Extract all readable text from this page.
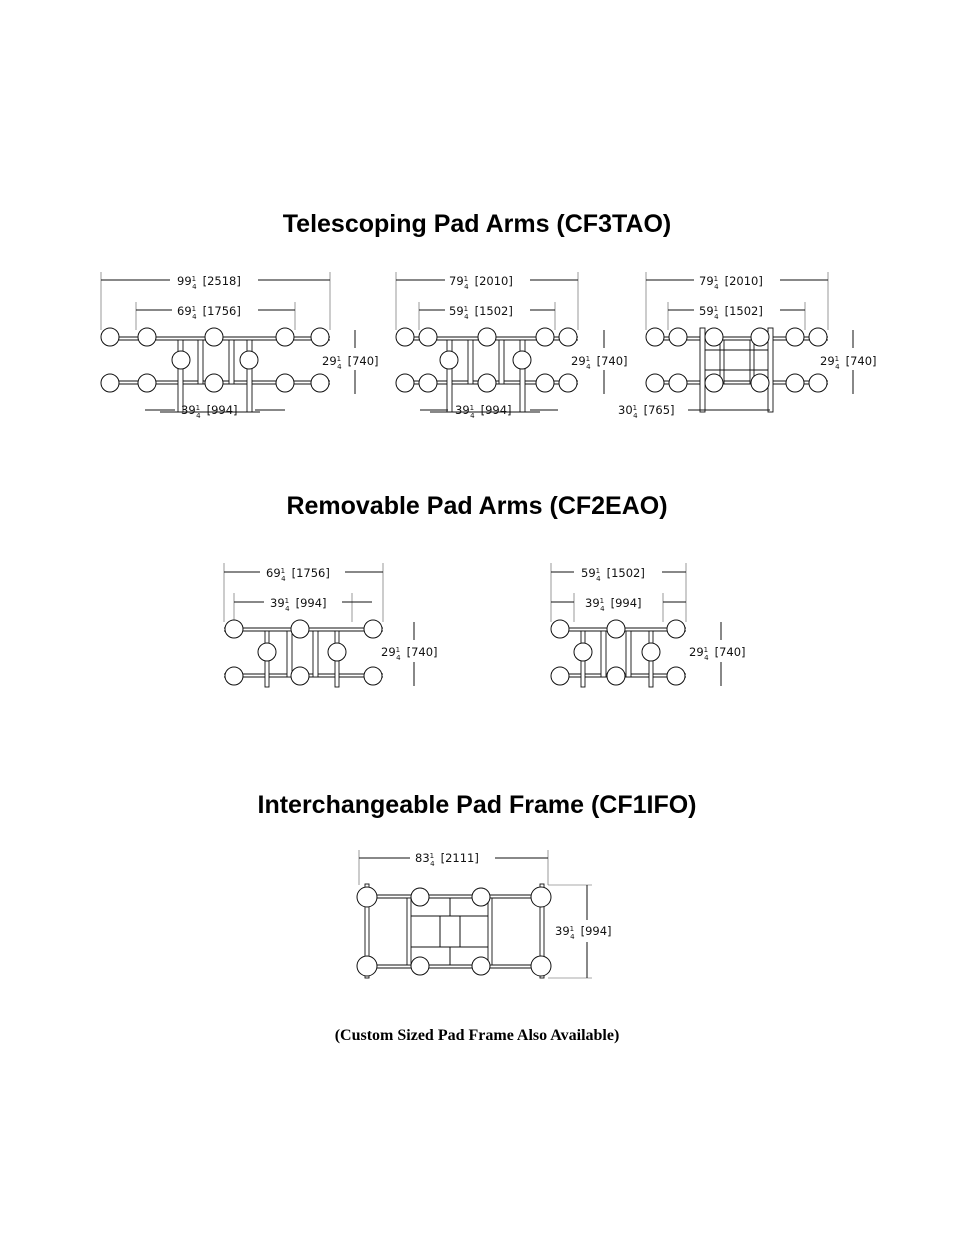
Telescoping Pad Arms (CF3TAO)
Removable Pad Arms (CF2EAO)
Interchangeable Pad Frame (CF1IFO)
(Custom Sized Pad Frame Also Available)
$99^1$ 4 [2518]
$69^1$ 4 [1756]
$29^1$ 4 [740]
$39^1$ 4 [994]
$79^1$ 4 [2010]
$59^1$ 4 [1502]
$29^1$ 4 [740]
$39^1$ 4 [994]
$79^1$ 4 [2010]
$59^1$ 4 [1502]
$29^1$ 4 [740]
$30^1$ 4 [765]
$69^1$ 4 [1756]
$39^1$ 4 [994]
$29^1$ 4 [740]
$59^1$ 4 [1502]
$39^1$ 4 [994]
$29^1$ 4 [740]
$83^1$ 4 [2111]
$39^1$ 4 [994]
